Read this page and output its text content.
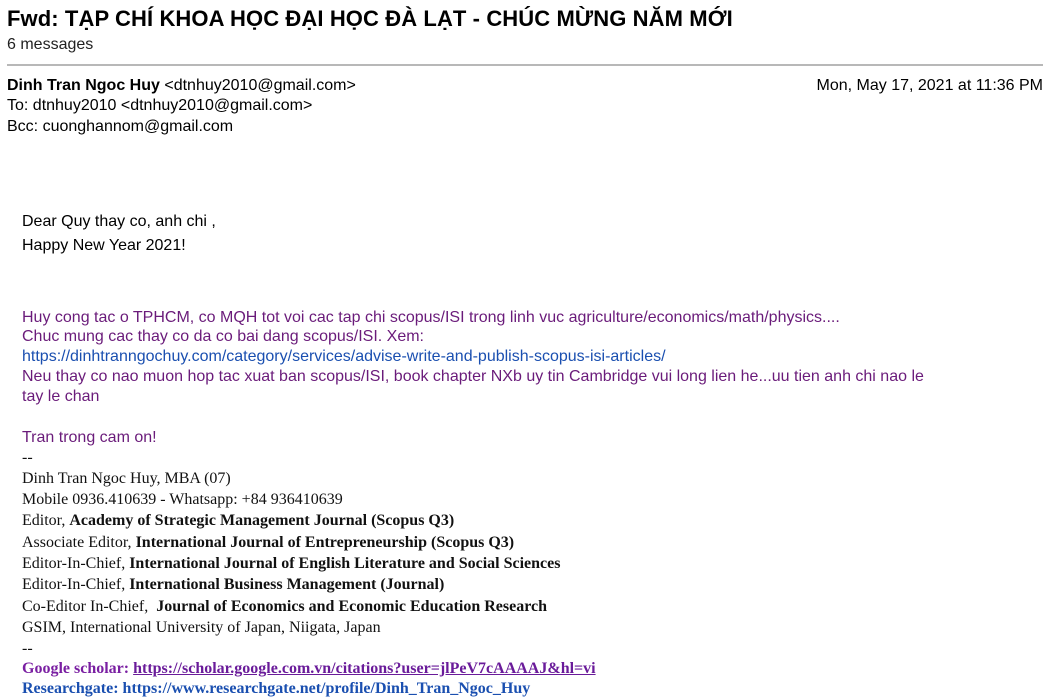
Fwd: TẠP CHÍ KHOA HỌC ĐẠI HỌC ĐÀ LẠT - CHÚC MỪNG NĂM MỚI
6 messages
Dinh Tran Ngoc Huy <dtnhuy2010@gmail.com>	Mon, May 17, 2021 at 11:36 PM
To: dtnhuy2010 <dtnhuy2010@gmail.com>
Bcc: cuonghannom@gmail.com
Dear Quy thay co, anh chi ,
Happy New Year 2021!
Huy cong tac o TPHCM, co MQH tot voi cac tap chi scopus/ISI trong linh vuc agriculture/economics/math/physics....
Chuc mung cac thay co da co bai dang scopus/ISI. Xem:
https://dinhtranngochuy.com/category/services/advise-write-and-publish-scopus-isi-articles/
Neu thay co nao muon hop tac xuat ban scopus/ISI, book chapter NXb uy tin Cambridge vui long lien he...uu tien anh chi nao le
tay le chan
Tran trong cam on!
--
Dinh Tran Ngoc Huy, MBA (07)
Mobile 0936.410639 - Whatsapp: +84 936410639
Editor, Academy of Strategic Management Journal (Scopus Q3)
Associate Editor, International Journal of Entrepreneurship (Scopus Q3)
Editor-In-Chief, International Journal of English Literature and Social Sciences
Editor-In-Chief, International Business Management (Journal)
Co-Editor In-Chief,  Journal of Economics and Economic Education Research
GSIM, International University of Japan, Niigata, Japan
--
Google scholar: https://scholar.google.com.vn/citations?user=jlPeV7cAAAAJ&hl=vi
Researchgate: https://www.researchgate.net/profile/Dinh_Tran_Ngoc_Huy
